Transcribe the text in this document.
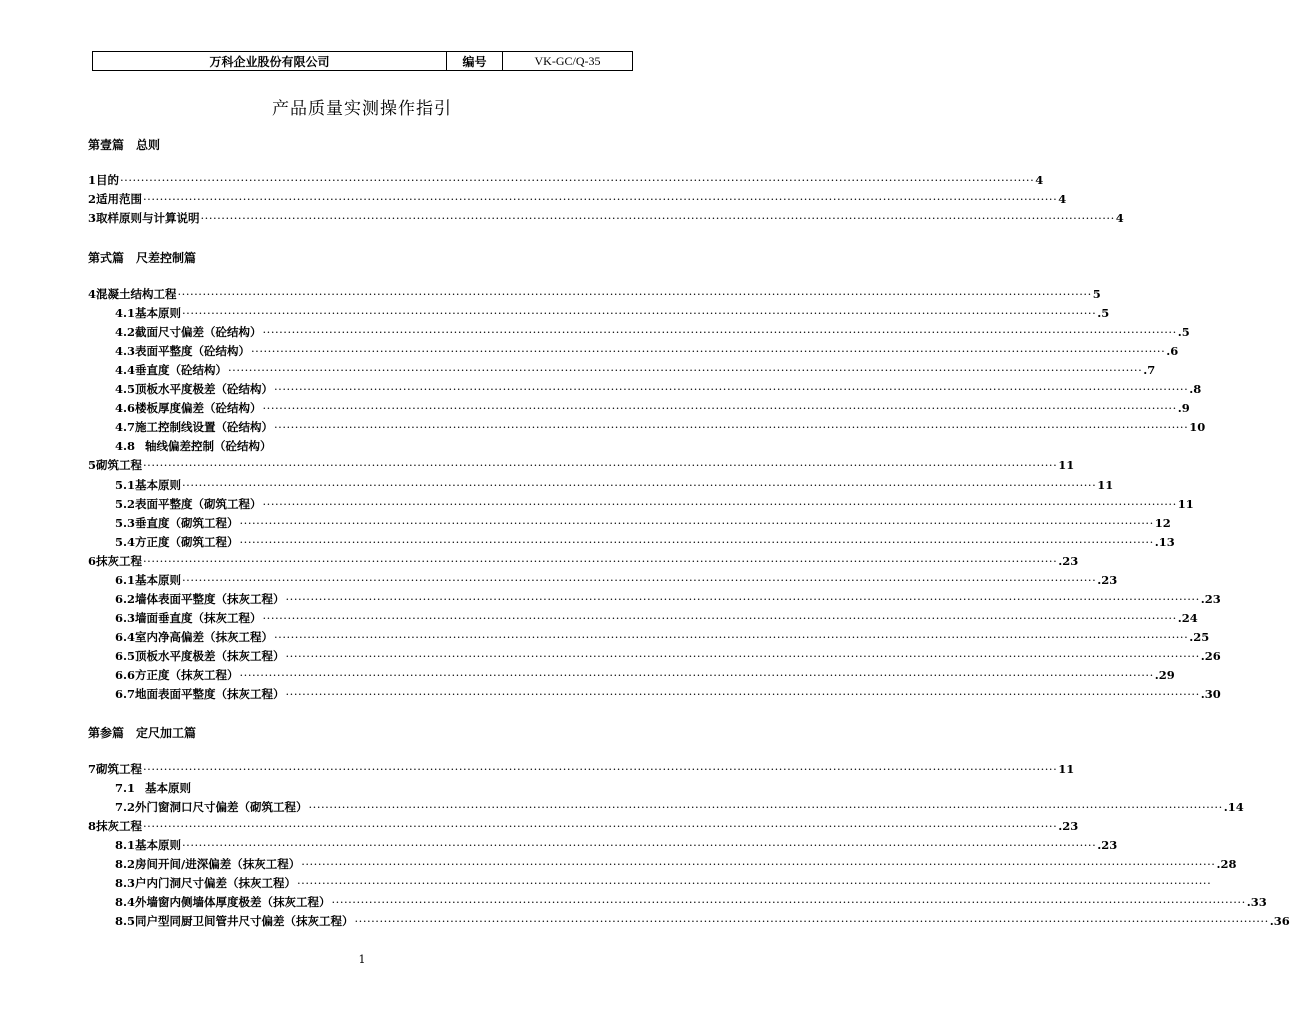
万科企业股份有限公司	编号	VK-GC/Q-35
产品质量实测操作指引
第壹篇　总则
1 目的 ···························································································································································································································· 4
2 适用范围 ···························································································································································································································· 4
3 取样原则与计算说明 ···························································································································································································································· 4
第式篇　尺差控制篇
4 混凝土结构工程 ···························································································································································································································· 5
4.1 基本原则 ···························································································································································································································· .5
4.2 截面尺寸偏差（砼结构） ···························································································································································································································· .5
4.3 表面平整度（砼结构） ···························································································································································································································· .6
4.4 垂直度（砼结构） ···························································································································································································································· .7
4.5 顶板水平度极差（砼结构） ···························································································································································································································· .8
4.6 楼板厚度偏差（砼结构） ···························································································································································································································· .9
4.7 施工控制线设置（砼结构） ···························································································································································································································· 10
4.8 轴线偏差控制（砼结构）
5 砌筑工程 ···························································································································································································································· 11
5.1 基本原则 ···························································································································································································································· 11
5.2 表面平整度（砌筑工程） ···························································································································································································································· 11
5.3 垂直度（砌筑工程） ···························································································································································································································· 12
5.4 方正度（砌筑工程） ···························································································································································································································· .13
6 抹灰工程 ···························································································································································································································· .23
6.1 基本原则 ···························································································································································································································· .23
6.2 墙体表面平整度（抹灰工程） ···························································································································································································································· .23
6.3 墙面垂直度（抹灰工程） ···························································································································································································································· .24
6.4 室内净高偏差（抹灰工程） ···························································································································································································································· .25
6.5 顶板水平度极差（抹灰工程） ···························································································································································································································· .26
6.6 方正度（抹灰工程） ···························································································································································································································· .29
6.7 地面表面平整度（抹灰工程） ···························································································································································································································· .30
第参篇　定尺加工篇
7 砌筑工程 ···························································································································································································································· 11
7.1 基本原则
7.2 外门窗洞口尺寸偏差（砌筑工程） ···························································································································································································································· .14
8 抹灰工程 ···························································································································································································································· .23
8.1 基本原则 ···························································································································································································································· .23
8.2 房间开间/进深偏差（抹灰工程） ···························································································································································································································· .28
8.3 户内门洞尺寸偏差（抹灰工程） ····························································································································································································································
8.4 外墙窗内侧墙体厚度极差（抹灰工程） ···························································································································································································································· .33
8.5 同户型同厨卫间管井尺寸偏差（抹灰工程） ···························································································································································································································· .36
1
